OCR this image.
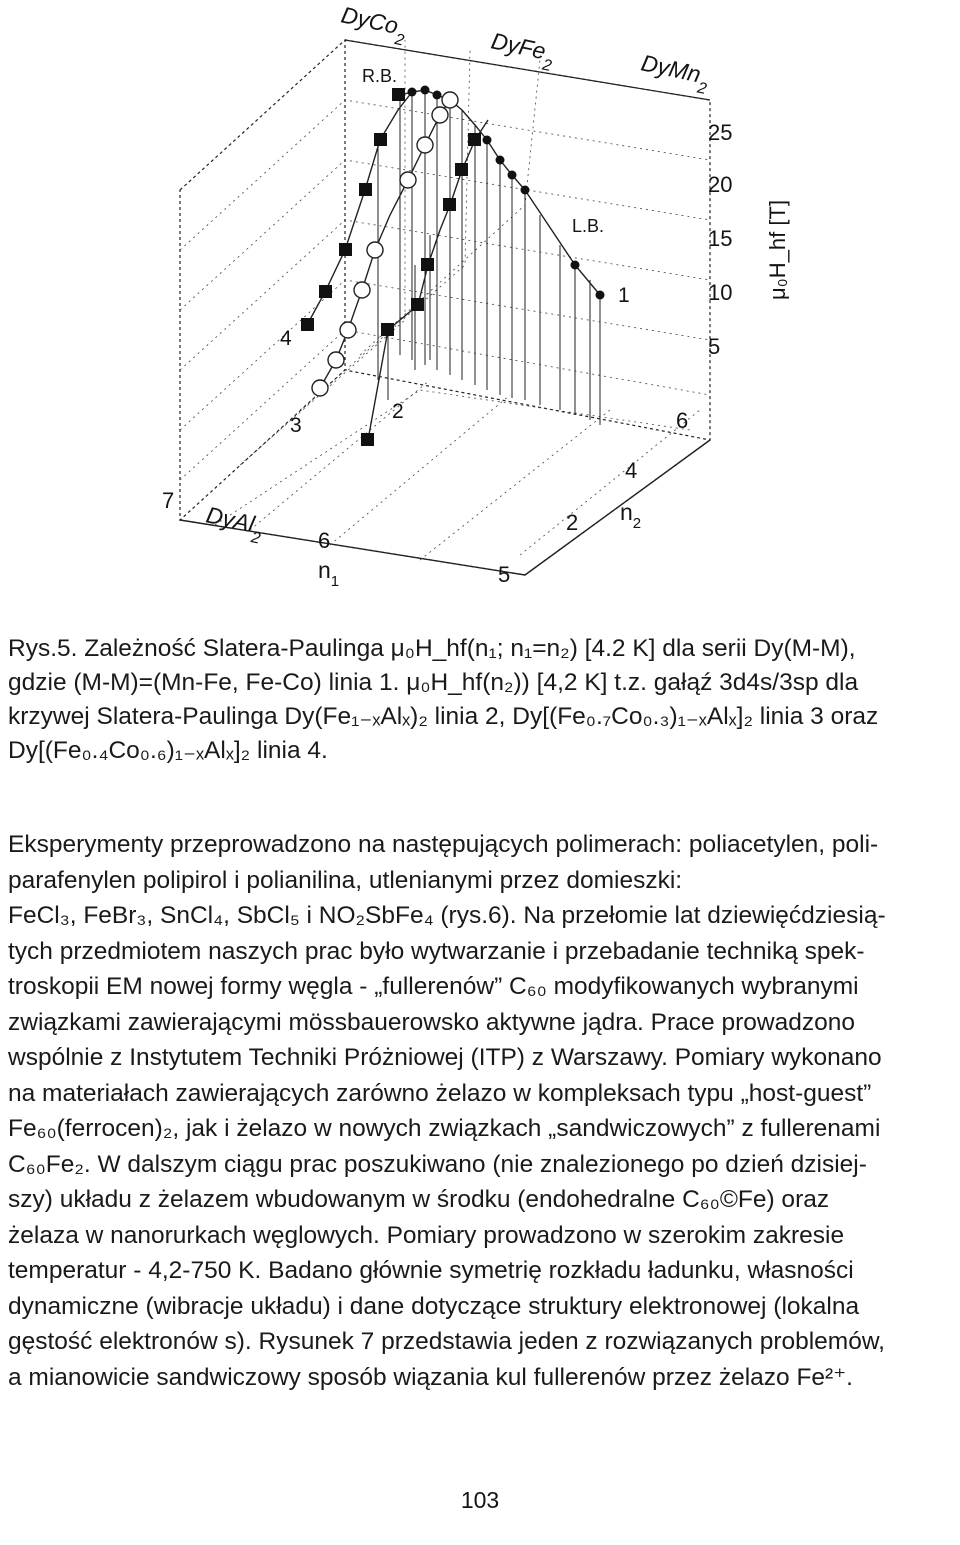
25
20
15
10
5
μ₀H_hf [T]
DyCo$_2$	DyFe$_2$	DyMn$_2$
DyAl$_2$
7
6
5
$n_1$
6
4
2 $n_2$
R.B.
L.B.
1
2
3
4

Rys.5. Zależność Slatera-Paulinga μ₀H_hf(n₁; n₁=n₂) [4.2 K] dla serii Dy(M-M),

gdzie (M-M)=(Mn-Fe, Fe-Co) linia 1. μ₀H_hf(n₂)) [4,2 K] t.z. gałąź 3d4s/3sp dla

krzywej Slatera-Paulinga Dy(Fe₁₋ₓAlₓ)₂ linia 2, Dy[(Fe₀.₇Co₀.₃)₁₋ₓAlₓ]₂ linia 3 oraz

Dy[(Fe₀.₄Co₀.₆)₁₋ₓAlₓ]₂ linia 4.

Eksperymenty przeprowadzono na następujących polimerach: poliacetylen, poli-

parafenylen polipirol i polianilina, utlenianymi przez domieszki:

FeCl₃, FeBr₃, SnCl₄, SbCl₅ i NO₂SbFe₄ (rys.6). Na przełomie lat dziewięćdziesią-

tych przedmiotem naszych prac było wytwarzanie i przebadanie techniką spek-

troskopii EM nowej formy węgla - „fullerenów” C₆₀ modyfikowanych wybranymi

związkami zawierającymi mössbauerowsko aktywne jądra. Prace prowadzono

wspólnie z Instytutem Techniki Próżniowej (ITP) z Warszawy. Pomiary wykonano

na materiałach zawierających zarówno żelazo w kompleksach typu „host-guest”

Fe₆₀(ferrocen)₂, jak i żelazo w nowych związkach „sandwiczowych” z fullerenami

C₆₀Fe₂. W dalszym ciągu prac poszukiwano (nie znalezionego po dzień dzisiej-

szy) układu z żelazem wbudowanym w środku (endohedralne C₆₀©Fe) oraz

żelaza w nanorurkach węglowych. Pomiary prowadzono w szerokim zakresie

temperatur - 4,2-750 K. Badano głównie symetrię rozkładu ładunku, własności

dynamiczne (wibracje układu) i dane dotyczące struktury elektronowej (lokalna

gęstość elektronów s). Rysunek 7 przedstawia jeden z rozwiązanych problemów,

a mianowicie sandwiczowy sposób wiązania kul fullerenów przez żelazo Fe²⁺.

103
